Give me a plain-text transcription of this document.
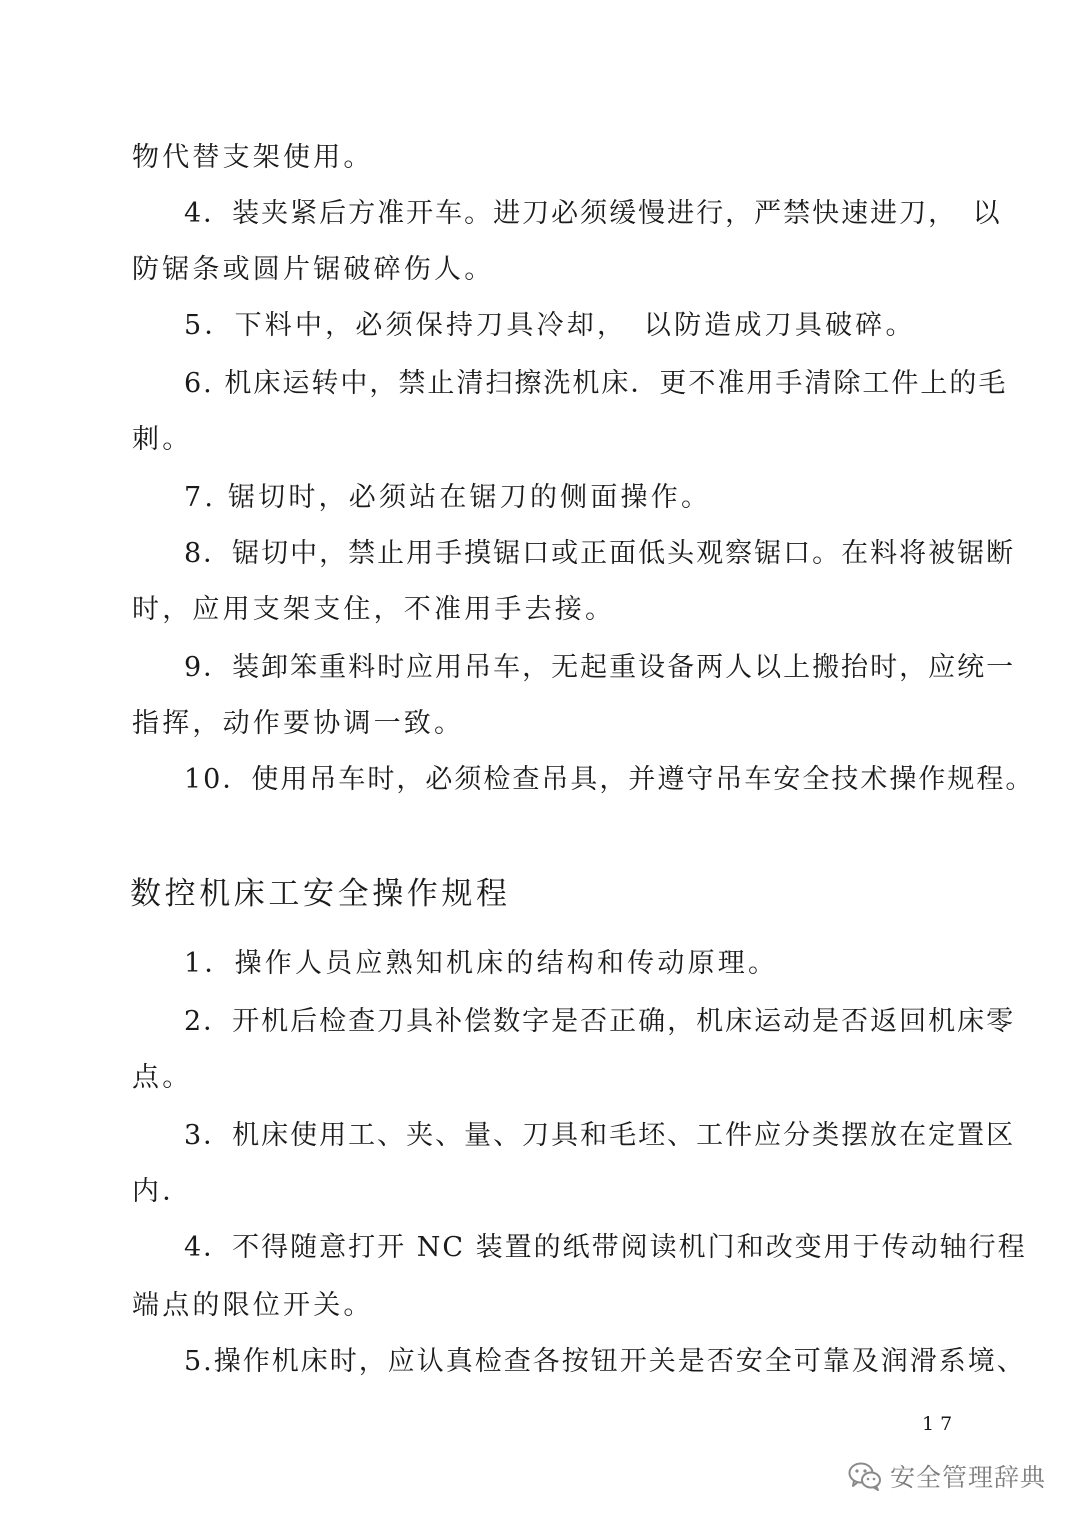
物代替支架使用。
4．装夹紧后方准开车。进刀必须缓慢进行，严禁快速进刀，　以
防锯条或圆片锯破碎伤人。
5．下料中，必须保持刀具冷却，　以防造成刀具破碎。
6. 机床运转中，禁止清扫擦洗机床．更不准用手清除工件上的毛
刺。
7. 锯切时，必须站在锯刀的侧面操作。
8．锯切中，禁止用手摸锯口或正面低头观察锯口。在料将被锯断
时，应用支架支住，不准用手去接。
9．装卸笨重料时应用吊车，无起重设备两人以上搬抬时，应统一
指挥，动作要协调一致。
10．使用吊车时，必须检查吊具，并遵守吊车安全技术操作规程。
数控机床工安全操作规程
1．操作人员应熟知机床的结构和传动原理。
2．开机后检查刀具补偿数字是否正确，机床运动是否返回机床零
点。
3．机床使用工、夹、量、刀具和毛坯、工件应分类摆放在定置区
内．
4．不得随意打开 NC 装置的纸带阅读机门和改变用于传动轴行程
端点的限位开关。
5.操作机床时，应认真检查各按钮开关是否安全可靠及润滑系境、
17
安全管理辞典
